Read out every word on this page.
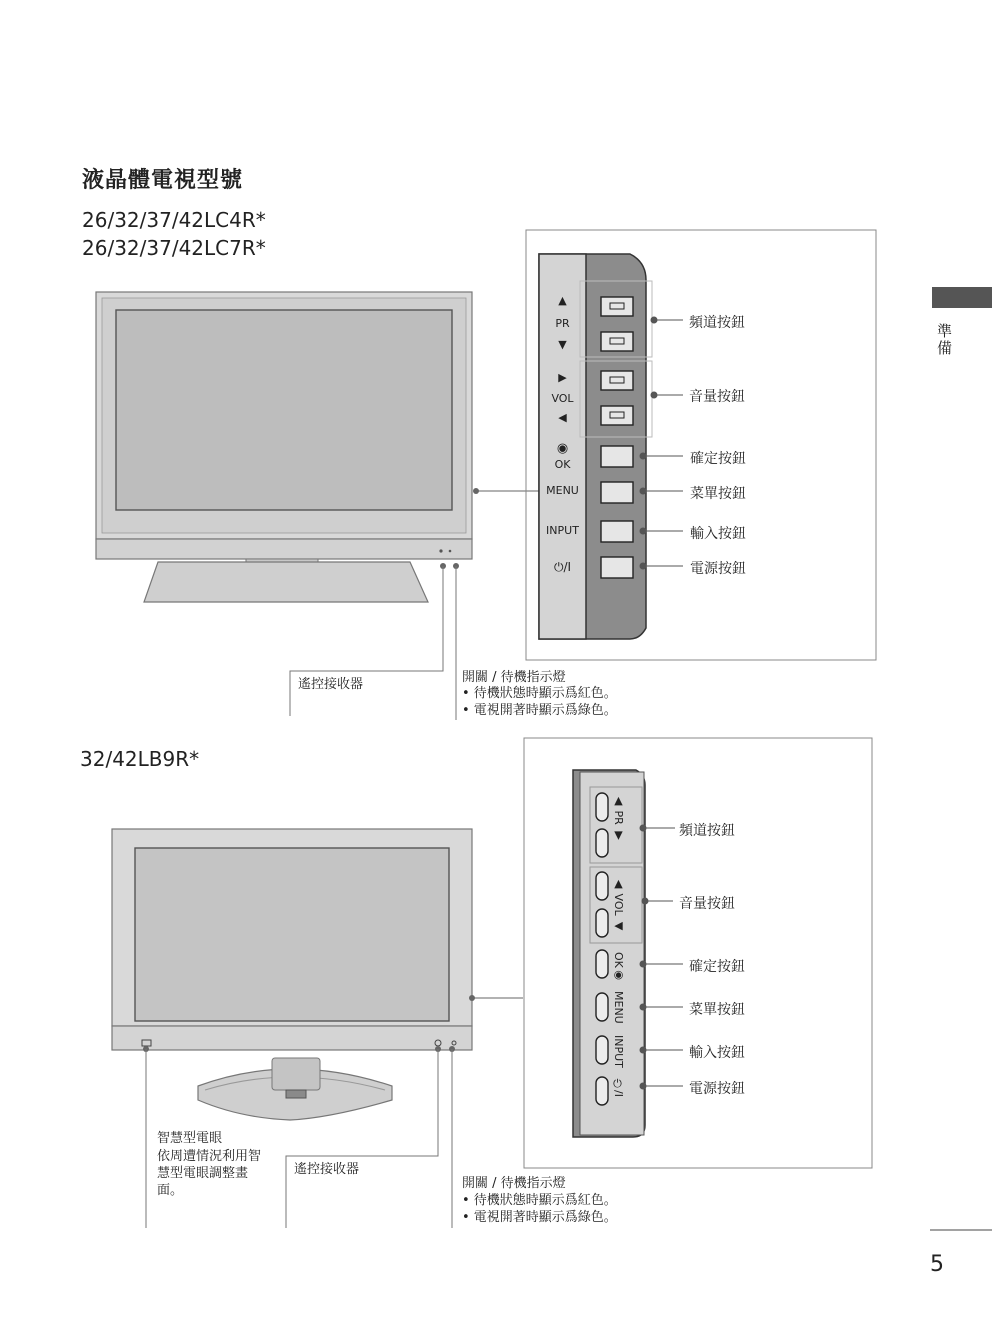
液晶體電視型號
準備
26/32/37/42LC4R*
26/32/37/42LC7R*
▲
PR
▼
▶
VOL
◀
◉
OK
MENU
INPUT
⏻/I
頻道按鈕
音量按鈕
確定按鈕
菜單按鈕
輸入按鈕
電源按鈕
遙控接收器	開關 / 待機指示燈
• 待機狀態時顯示爲紅色。
• 電視開著時顯示爲綠色。
32/42LB9R*
▲ PR ▼
▲ VOL ◀
OK◉
MENU
INPUT
⏻/I
頻道按鈕
音量按鈕
確定按鈕
菜單按鈕
輸入按鈕
電源按鈕
智慧型電眼
依周遭情況利用智
慧型電眼調整畫
面。
遙控接收器
開關 / 待機指示燈
• 待機狀態時顯示爲紅色。
• 電視開著時顯示爲綠色。
5
